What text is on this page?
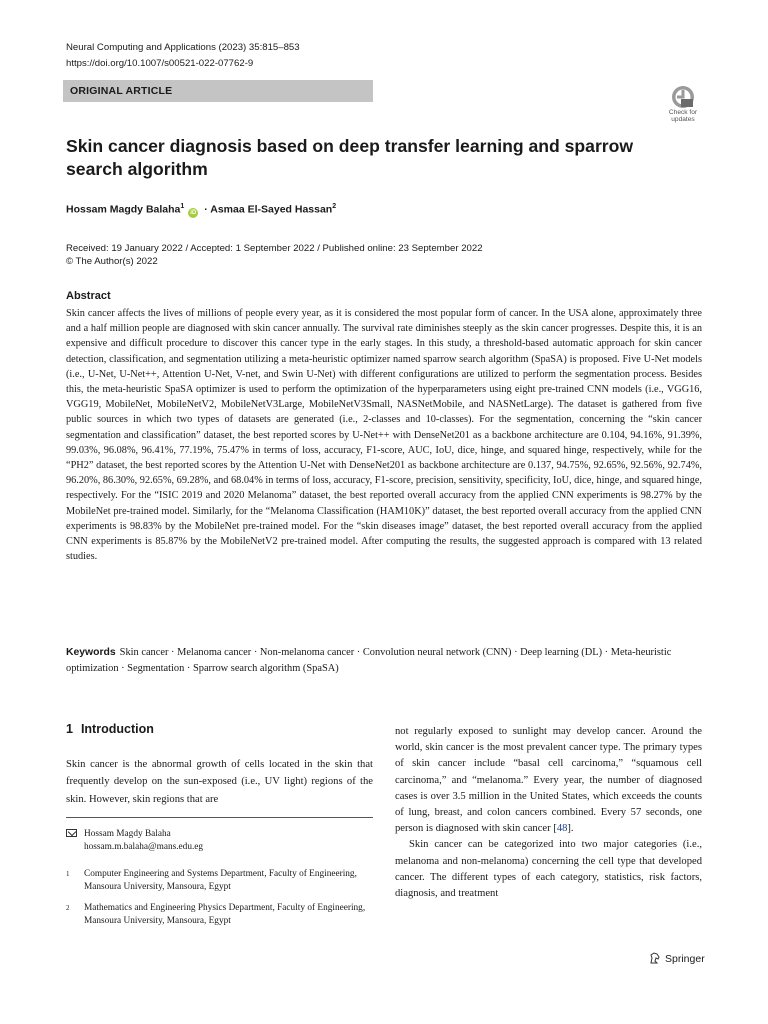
Neural Computing and Applications (2023) 35:815–853
https://doi.org/10.1007/s00521-022-07762-9
ORIGINAL ARTICLE
Check for
updates
Skin cancer diagnosis based on deep transfer learning and sparrow search algorithm
Hossam Magdy Balaha$^1$iD · Asmaa El-Sayed Hassan$^2$
Received: 19 January 2022 / Accepted: 1 September 2022 / Published online: 23 September 2022
© The Author(s) 2022
Abstract

Skin cancer affects the lives of millions of people every year, as it is considered the most popular form of cancer. In the USA alone, approximately three and a half million people are diagnosed with skin cancer annually. The survival rate diminishes steeply as the skin cancer progresses. Despite this, it is an expensive and difficult procedure to discover this cancer type in the early stages. In this study, a threshold-based automatic approach for skin cancer detection, classification, and segmentation utilizing a meta-heuristic optimizer named sparrow search algorithm (SpaSA) is proposed. Five U-Net models (i.e., U-Net, U-Net++, Attention U-Net, V-net, and Swin U-Net) with different configurations are utilized to perform the segmentation process. Besides this, the meta-heuristic SpaSA optimizer is used to perform the optimization of the hyperparameters using eight pre-trained CNN models (i.e., VGG16, VGG19, MobileNet, MobileNetV2, MobileNetV3Large, MobileNetV3Small, NASNetMobile, and NASNetLarge). The dataset is gathered from five public sources in which two types of datasets are generated (i.e., 2-classes and 10-classes). For the segmentation, concerning the “skin cancer segmentation and classification” dataset, the best reported scores by U-Net++ with DenseNet201 as a backbone architecture are 0.104, 94.16%, 91.39%, 99.03%, 96.08%, 96.41%, 77.19%, 75.47% in terms of loss, accuracy, F1-score, AUC, IoU, dice, hinge, and squared hinge, respectively, while for the “PH2” dataset, the best reported scores by the Attention U-Net with DenseNet201 as backbone architecture are 0.137, 94.75%, 92.65%, 92.56%, 92.74%, 96.20%, 86.30%, 92.65%, 69.28%, and 68.04% in terms of loss, accuracy, F1-score, precision, sensitivity, specificity, IoU, dice, hinge, and squared hinge, respectively. For the “ISIC 2019 and 2020 Melanoma” dataset, the best reported overall accuracy from the applied CNN experiments is 98.27% by the MobileNet pre-trained model. Similarly, for the “Melanoma Classification (HAM10K)” dataset, the best reported overall accuracy from the applied CNN experiments is 98.83% by the MobileNet pre-trained model. For the “skin diseases image” dataset, the best reported overall accuracy from the applied CNN experiments is 85.87% by the MobileNetV2 pre-trained model. After computing the results, the suggested approach is compared with 13 related studies.

Keywords Skin cancer · Melanoma cancer · Non-melanoma cancer · Convolution neural network (CNN) · Deep learning (DL) · Meta-heuristic optimization · Segmentation · Sparrow search algorithm (SpaSA)
1 Introduction

Skin cancer is the abnormal growth of cells located in the skin that frequently develop on the sun-exposed (i.e., UV light) regions of the skin. However, skin regions that are

Hossam Magdy Balaha
hossam.m.balaha@mans.edu.eg
1 Computer Engineering and Systems Department, Faculty of Engineering, Mansoura University, Mansoura, Egypt
2 Mathematics and Engineering Physics Department, Faculty of Engineering, Mansoura University, Mansoura, Egypt

not regularly exposed to sunlight may develop cancer. Around the world, skin cancer is the most prevalent cancer type. The primary types of skin cancer include “basal cell carcinoma,” “squamous cell carcinoma,” and “melanoma.” Every year, the number of diagnosed cases is over 3.5 million in the United States, which exceeds the counts of lung, breast, and colon cancers combined. Every 57 seconds, one person is diagnosed with skin cancer [48].
Skin cancer can be categorized into two major categories (i.e., melanoma and non-melanoma) concerning the cell type that developed cancer. The different types of each category, statistics, risk factors, diagnosis, and treatment

Springer
